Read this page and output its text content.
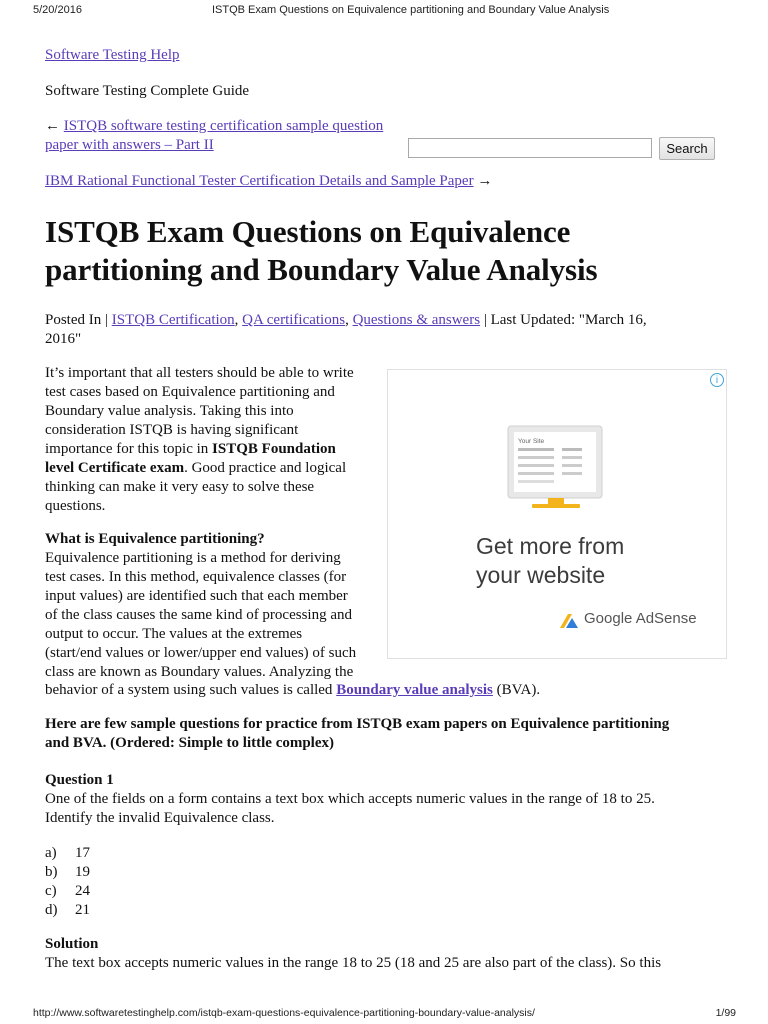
5/20/2016	ISTQB Exam Questions on Equivalence partitioning and Boundary Value Analysis
Software Testing Help
Software Testing Complete Guide
← ISTQB software testing certification sample question
paper with answers – Part II	Search
IBM Rational Functional Tester Certification Details and Sample Paper →
ISTQB Exam Questions on Equivalence
partitioning and Boundary Value Analysis
Posted In | ISTQB Certification, QA certifications, Questions & answers | Last Updated: "March 16,
2016"
It’s important that all testers should be able to write
test cases based on Equivalence partitioning and
Boundary value analysis. Taking this into
consideration ISTQB is having significant
importance for this topic in ISTQB Foundation
level Certificate exam. Good practice and logical
thinking can make it very easy to solve these
questions.
What is Equivalence partitioning?
Equivalence partitioning is a method for deriving
test cases. In this method, equivalence classes (for
input values) are identified such that each member
of the class causes the same kind of processing and
output to occur. The values at the extremes
(start/end values or lower/upper end values) of such
class are known as Boundary values. Analyzing the
behavior of a system using such values is called Boundary value analysis (BVA).
i
Your Site
Get more from
your website
Google AdSense
Here are few sample questions for practice from ISTQB exam papers on Equivalence partitioning
and BVA. (Ordered: Simple to little complex)
Question 1
One of the fields on a form contains a text box which accepts numeric values in the range of 18 to 25.
Identify the invalid Equivalence class.
a) 17
b) 19
c) 24
d) 21
Solution
The text box accepts numeric values in the range 18 to 25 (18 and 25 are also part of the class). So this
http://www.softwaretestinghelp.com/istqb-exam-questions-equivalence-partitioning-boundary-value-analysis/	1/99
